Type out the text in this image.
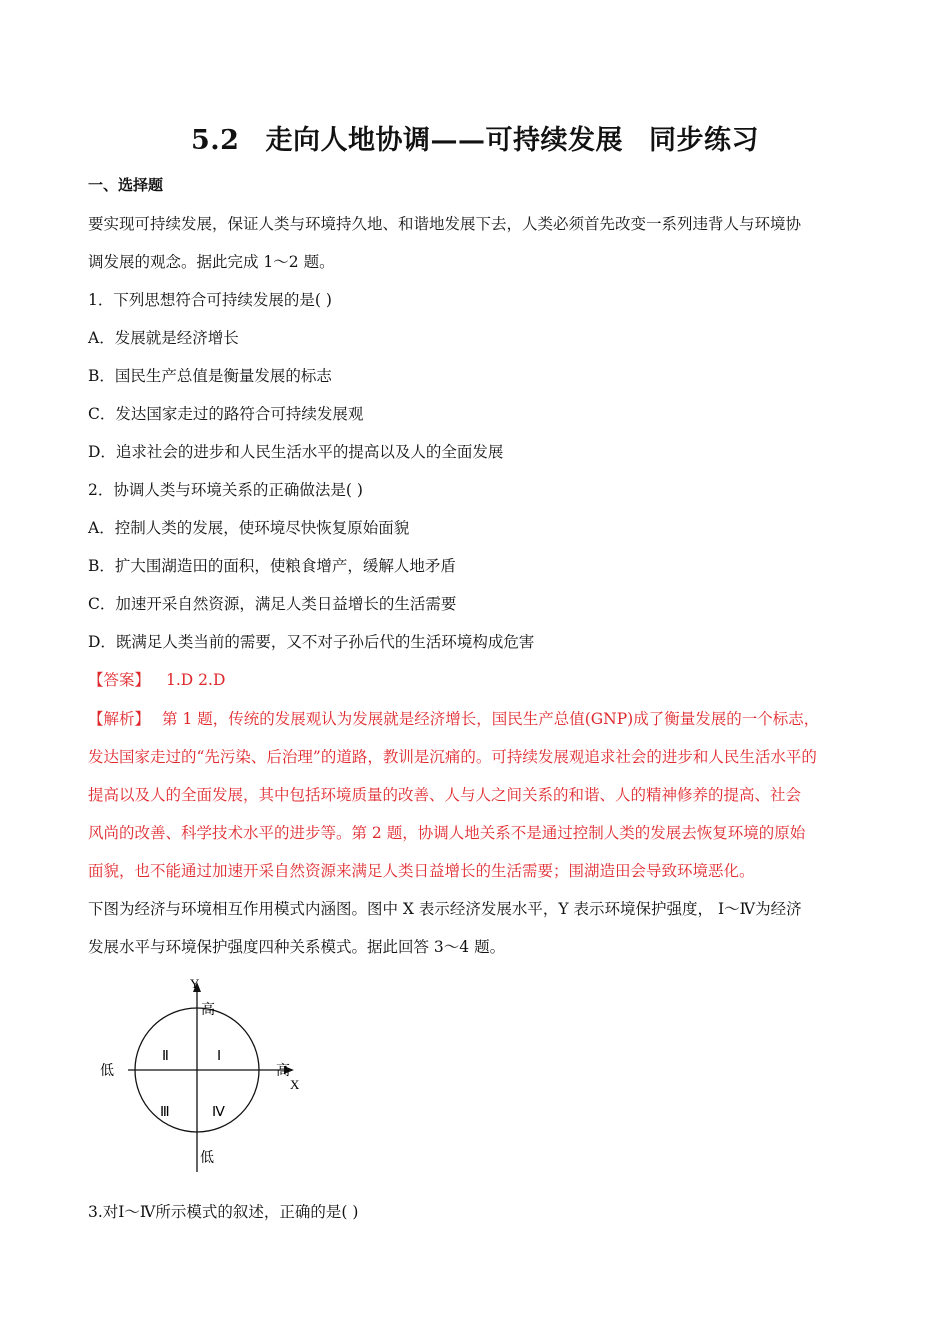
5.2 走向人地协调——可持续发展 同步练习
一、选择题
要实现可持续发展，保证人类与环境持久地、和谐地发展下去，人类必须首先改变一系列违背人与环境协
调发展的观念。据此完成 1～2 题。
1．下列思想符合可持续发展的是( )
A．发展就是经济增长
B．国民生产总值是衡量发展的标志
C．发达国家走过的路符合可持续发展观
D．追求社会的进步和人民生活水平的提高以及人的全面发展
2．协调人类与环境关系的正确做法是( )
A．控制人类的发展，使环境尽快恢复原始面貌
B．扩大围湖造田的面积，使粮食增产，缓解人地矛盾
C．加速开采自然资源，满足人类日益增长的生活需要
D．既满足人类当前的需要，又不对子孙后代的生活环境构成危害
【答案】 1.D 2.D
【解析】 第 1 题，传统的发展观认为发展就是经济增长，国民生产总值(GNP)成了衡量发展的一个标志，
发达国家走过的“先污染、后治理”的道路，教训是沉痛的。可持续发展观追求社会的进步和人民生活水平的
提高以及人的全面发展，其中包括环境质量的改善、人与人之间关系的和谐、人的精神修养的提高、社会
风尚的改善、科学技术水平的进步等。第 2 题，协调人地关系不是通过控制人类的发展去恢复环境的原始
面貌，也不能通过加速开采自然资源来满足人类日益增长的生活需要；围湖造田会导致环境恶化。
下图为经济与环境相互作用模式内涵图。图中 X 表示经济发展水平，Y 表示环境保护强度， Ⅰ～Ⅳ为经济
发展水平与环境保护强度四种关系模式。据此回答 3～4 题。
Y
X
高
低
低	高
Ⅰ
Ⅱ
Ⅲ	Ⅳ
3.对Ⅰ～Ⅳ所示模式的叙述，正确的是( )
